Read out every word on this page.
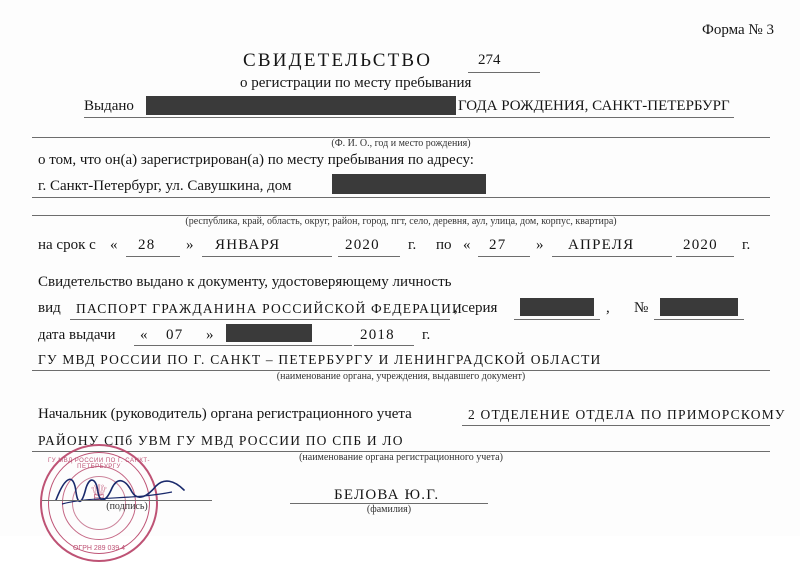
Форма № 3
СВИДЕТЕЛЬСТВО	274
о регистрации по месту пребывания
Выдано	ГОДА РОЖДЕНИЯ, САНКТ-ПЕТЕРБУРГ
(Ф. И. О., год и место рождения)
о том, что он(а) зарегистрирован(а) по месту пребывания по адресу:
г. Санкт-Петербург, ул. Савушкина, дом
(республика, край, область, округ, район, город, пгт, село, деревня, аул, улица, дом, корпус, квартира)
на срок с « 28 » ЯНВАРЯ	2020 г. по « 27 » АПРЕЛЯ	2020 г.
Свидетельство выдано к документу, удостоверяющему личность
вид ПАСПОРТ ГРАЖДАНИНА РОССИЙСКОЙ ФЕДЕРАЦИИ
, серия	, №
дата выдачи « 07 »	2018 г.
ГУ МВД РОССИИ ПО Г. САНКТ – ПЕТЕРБУРГУ И ЛЕНИНГРАДСКОЙ ОБЛАСТИ
(наименование органа, учреждения, выдавшего документ)
Начальник (руководитель) органа регистрационного учета	2 ОТДЕЛЕНИЕ ОТДЕЛА ПО ПРИМОРСКОМУ
РАЙОНУ СПб УВМ ГУ МВД РОССИИ ПО СПБ И ЛО
(наименование органа регистрационного учета)
ГУ МВД РОССИИ ПО Г. САНКТ-ПЕТЕРБУРГУ
♕
ОГРН 289 039 4
(подпись)
БЕЛОВА Ю.Г.
(фамилия)
